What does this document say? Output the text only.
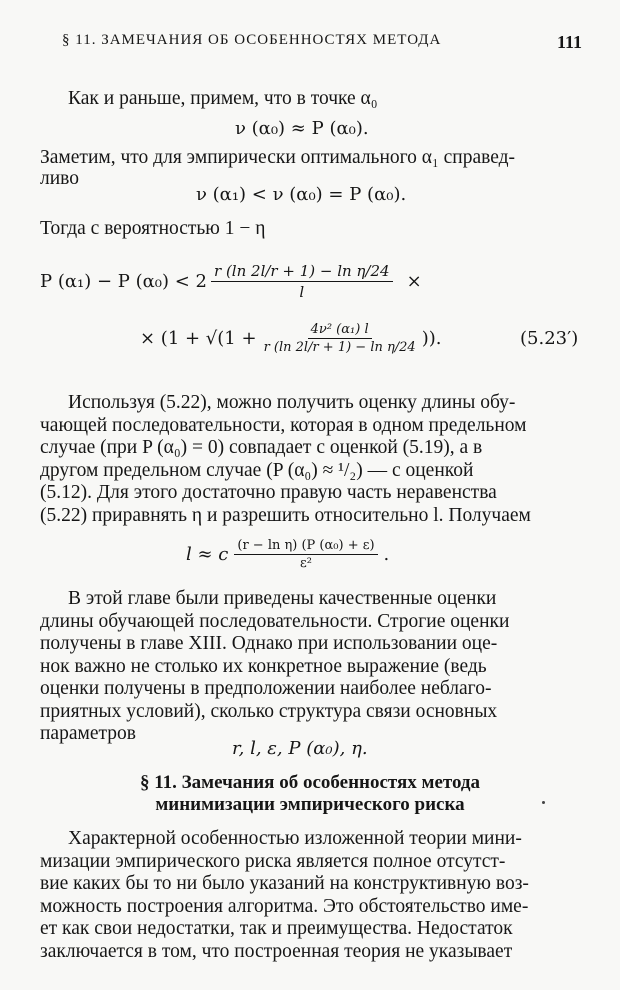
§ 11. ЗАМЕЧАНИЯ ОБ ОСОБЕННОСТЯХ МЕТОДА	111
Как и раньше, примем, что в точке α₀
ν (α₀) ≈ P (α₀).
Заметим, что для эмпирически оптимального α₁ справед-
ливо
ν (α₁) < ν (α₀) = P (α₀).
Тогда с вероятностью 1 − η
P (α₁) − P $(\alpha_0) < 2 \frac{\text{r (ln 2l/r + 1) − ln η/24}}{l}$ ×
× ($1 + √(1 + \frac{\text{4ν² (α₁) l}}{\text{r (ln 2l/r + 1) − ln η/24}}$ )).	(5.23′)
Используя (5.22), можно получить оценку длины обу-
чающей последовательности, которая в одном предельном
случае (при P (α₀) = 0) совпадает с оценкой (5.19), а в
другом предельном случае (P (α₀) ≈ ¹/₂) — с оценкой
(5.12). Для этого достаточно правую часть неравенства
(5.22) приравнять η и разрешить относительно l. Получаем
l ≈ c $\frac{\text{(r − ln η) (P (α₀) + ε)}}{\text{ε²}}$ .
В этой главе были приведены качественные оценки
длины обучающей последовательности. Строгие оценки
получены в главе XIII. Однако при использовании оце-
нок важно не столько их конкретное выражение (ведь
оценки получены в предположении наиболее неблаго-
приятных условий), сколько структура связи основных
параметров
r, l, ε, P (α₀), η.
§ 11. Замечания об особенностях метода
минимизации эмпирического риска
Характерной особенностью изложенной теории мини-
мизации эмпирического риска является полное отсутст-
вие каких бы то ни было указаний на конструктивную воз-
можность построения алгоритма. Это обстоятельство име-
ет как свои недостатки, так и преимущества. Недостаток
заключается в том, что построенная теория не указывает
